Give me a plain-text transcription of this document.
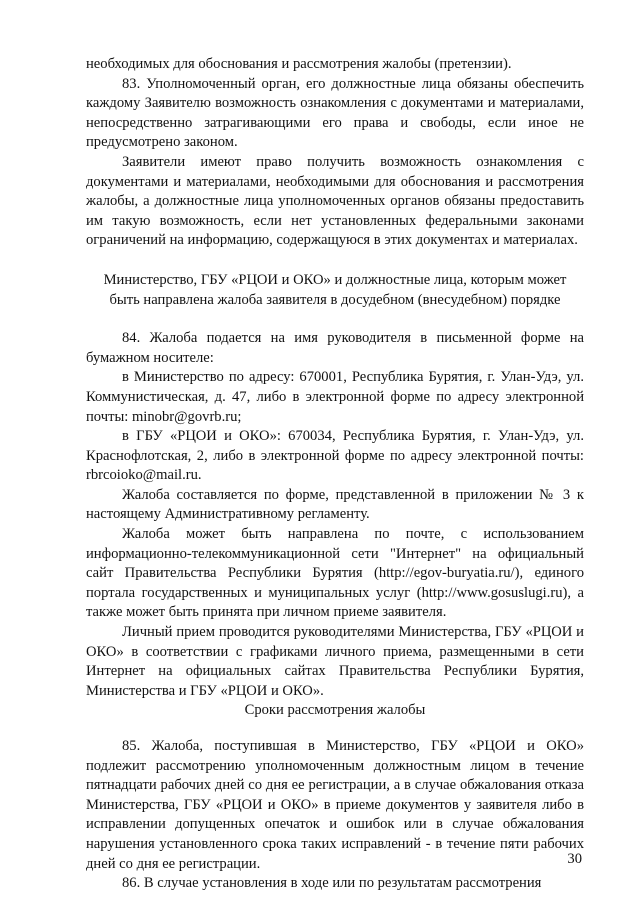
необходимых для обоснования и рассмотрения жалобы (претензии).

83. Уполномоченный орган, его должностные лица обязаны обеспечить каждому Заявителю возможность ознакомления с документами и материалами, непосредственно затрагивающими его права и свободы, если иное не предусмотрено законом.

Заявители имеют право получить возможность ознакомления с документами и материалами, необходимыми для обоснования и рассмотрения жалобы, а должностные лица уполномоченных органов обязаны предоставить им такую возможность, если нет установленных федеральными законами ограничений на информацию, содержащуюся в этих документах и материалах.

Министерство, ГБУ «РЦОИ и ОКО» и должностные лица, которым может

быть направлена жалоба заявителя в досудебном (внесудебном) порядке

84. Жалоба подается на имя руководителя в письменной форме на бумажном носителе:

в Министерство по адресу: 670001, Республика Бурятия, г. Улан-Удэ, ул. Коммунистическая, д. 47, либо в электронной форме по адресу электронной почты: minobr@govrb.ru;

в ГБУ «РЦОИ и ОКО»: 670034, Республика Бурятия, г. Улан-Удэ, ул. Краснофлотская, 2, либо в электронной форме по адресу электронной почты: rbrcoioko@mail.ru.

Жалоба составляется по форме, представленной в приложении № 3 к настоящему Административному регламенту.

Жалоба может быть направлена по почте, с использованием информационно-телекоммуникационной сети "Интернет" на официальный сайт Правительства Республики Бурятия (http://egov-buryatia.ru/), единого портала государственных и муниципальных услуг (http://www.gosuslugi.ru), а также может быть принята при личном приеме заявителя.

Личный прием проводится руководителями Министерства, ГБУ «РЦОИ и ОКО» в соответствии с графиками личного приема, размещенными в сети Интернет на официальных сайтах Правительства Республики Бурятия, Министерства и ГБУ «РЦОИ и ОКО».

Сроки рассмотрения жалобы

85. Жалоба, поступившая в Министерство, ГБУ «РЦОИ и ОКО» подлежит рассмотрению уполномоченным должностным лицом в течение пятнадцати рабочих дней со дня ее регистрации, а в случае обжалования отказа Министерства, ГБУ «РЦОИ и ОКО» в приеме документов у заявителя либо в исправлении допущенных опечаток и ошибок или в случае обжалования нарушения установленного срока таких исправлений - в течение пяти рабочих дней со дня ее регистрации.

86. В случае установления в ходе или по результатам рассмотрения

30
